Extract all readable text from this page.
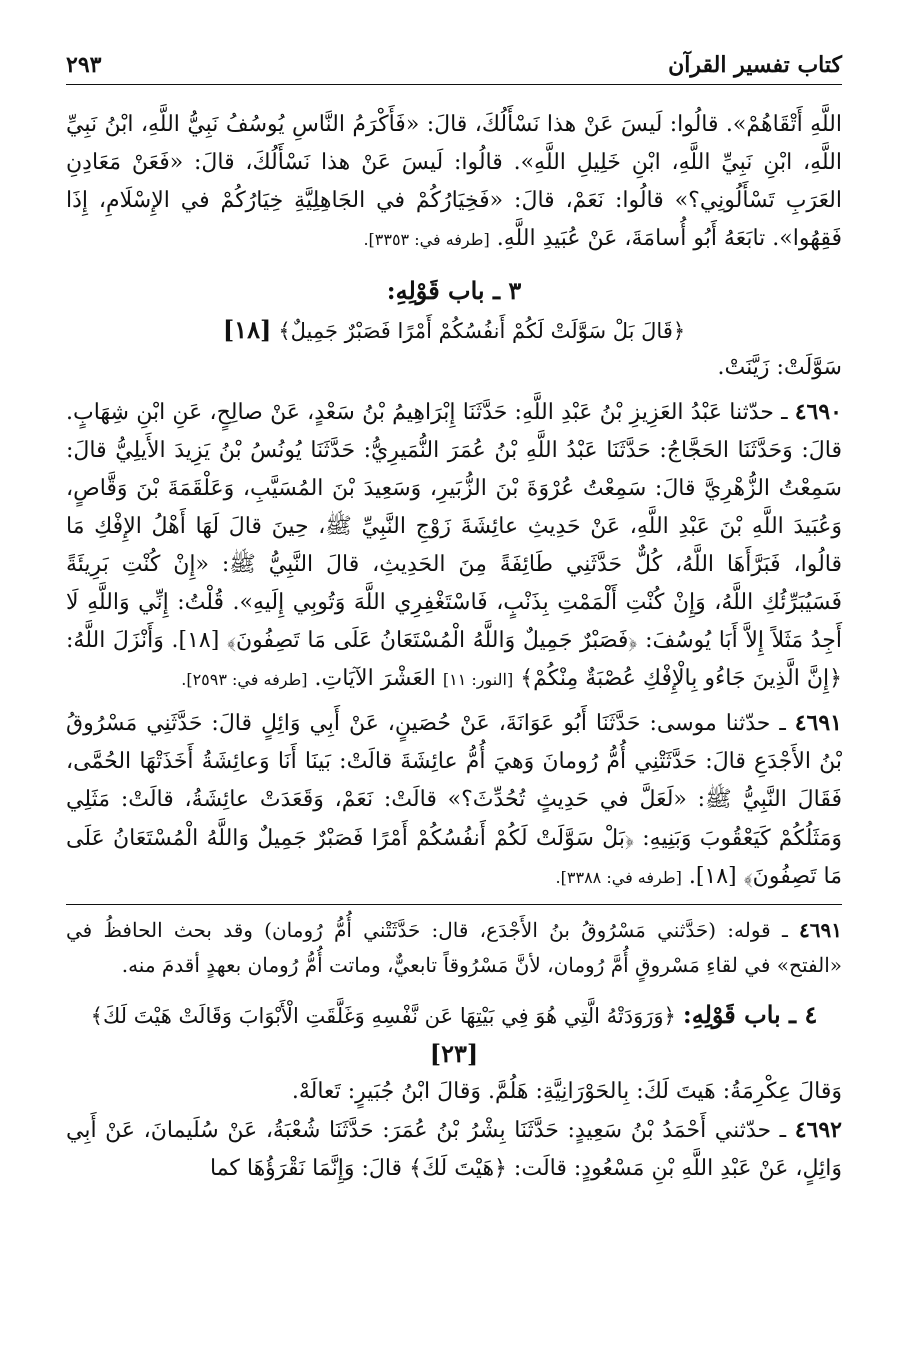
كتاب تفسير القرآن
٢٩٣

اللَّهِ أَتْقَاهُمْ». قالُوا: لَيسَ عَنْ هذا نَسْأَلُكَ، قالَ: «فَأَكْرَمُ النَّاسِ يُوسُفُ نَبِيُّ اللَّهِ، ابْنُ نَبِيِّ اللَّهِ، ابْنِ نَبِيِّ اللَّهِ، ابْنِ خَلِيلِ اللَّهِ». قالُوا: لَيسَ عَنْ هذا نَسْأَلُكَ، قالَ: «فَعَنْ مَعَادِنِ العَرَبِ تَسْأَلُونِي؟» قالُوا: نَعَمْ، قالَ: «فَخِيَارُكُمْ في الجَاهِلِيَّةِ خِيَارُكُمْ في الإِسْلَامِ، إِذَا فَقِهُوا». تابَعَهُ أَبُو أُسامَةَ، عَنْ عُبَيدِ اللَّهِ. [طرفه في: ٣٣٥٣].

٣ ـ باب قَوْلِهِ:
﴿قَالَ بَلْ سَوَّلَتْ لَكُمْ أَنفُسُكُمْ أَمْرًا فَصَبْرٌ جَمِيلٌ﴾ [١٨]

سَوَّلَتْ: زَيَّنَتْ.

٤٦٩٠ ـ حدّثنا عَبْدُ العَزِيزِ بْنُ عَبْدِ اللَّهِ: حَدَّثَنَا إِبْرَاهِيمُ بْنُ سَعْدٍ، عَنْ صالِحٍ، عَنِ ابْنِ شِهَابٍ. قالَ: وَحَدَّثَنَا الحَجَّاجُ: حَدَّثَنَا عَبْدُ اللَّهِ بْنُ عُمَرَ النُّمَيرِيُّ: حَدَّثَنَا يُونُسُ بْنُ يَزِيدَ الأَيلِيُّ قالَ: سَمِعْتُ الزُّهْرِيَّ قالَ: سَمِعْتُ عُرْوَةَ بْنَ الزُّبَيرِ، وَسَعِيدَ بْنَ المُسَيَّبِ، وَعَلْقَمَةَ بْنَ وَقَّاصٍ، وَعُبَيدَ اللَّهِ بْنَ عَبْدِ اللَّهِ، عَنْ حَدِيثِ عائِشَةَ زَوْجِ النَّبِيِّ ﷺ، حِينَ قالَ لَهَا أَهْلُ الإِفْكِ مَا قالُوا، فَبَرَّأَهَا اللَّهُ، كُلٌّ حَدَّثَنِي طَائِفَةً مِنَ الحَدِيثِ، قالَ النَّبِيُّ ﷺ: «إِنْ كُنْتِ بَرِيئَةً فَسَيُبَرِّئُكِ اللَّهُ، وَإِنْ كُنْتِ أَلْمَمْتِ بِذَنْبٍ، فَاسْتَغْفِرِي اللَّهَ وَتُوبِي إِلَيهِ». قُلْتُ: إِنِّي وَاللَّهِ لَا أَجِدُ مَثَلاً إِلاَّ أَبَا يُوسُفَ: ﴿فَصَبْرٌ جَمِيلٌ وَاللَّهُ الْمُسْتَعَانُ عَلَى مَا تَصِفُونَ﴾ [١٨]. وَأَنْزَلَ اللَّهُ: ﴿إِنَّ الَّذِينَ جَاءُو بِالْإِفْكِ عُصْبَةٌ مِنْكُمْ﴾ [النور: ١١] العَشْرَ الآيَاتِ. [طرفه في: ٢٥٩٣].

٤٦٩١ ـ حدّثنا موسى: حَدَّثَنَا أَبُو عَوَانَةَ، عَنْ حُصَينٍ، عَنْ أَبِي وَائِلٍ قالَ: حَدَّثَنِي مَسْرُوقُ بْنُ الأَجْدَعِ قالَ: حَدَّثَتْنِي أُمُّ رُومانَ وَهيَ أُمُّ عائِشَةَ قالَتْ: بَينَا أَنَا وَعائِشَةُ أَخَذَتْهَا الحُمَّى، فَقَالَ النَّبِيُّ ﷺ: «لَعَلَّ في حَدِيثٍ تُحُدِّثَ؟» قالَتْ: نَعَمْ، وَقَعَدَتْ عائِشَةُ، قالَتْ: مَثَلِي وَمَثَلُكُمْ كَيَعْقُوبَ وَبَنِيهِ: ﴿بَلْ سَوَّلَتْ لَكُمْ أَنفُسُكُمْ أَمْرًا فَصَبْرٌ جَمِيلٌ وَاللَّهُ الْمُسْتَعَانُ عَلَى مَا تَصِفُونَ﴾ [١٨]. [طرفه في: ٣٣٨٨].

٤٦٩١ ـ قوله: (حَدَّثني مَسْرُوقُ بنُ الأَجْدَع، قال: حَدَّثَتْني أُمُّ رُومان) وقد بحث الحافظُ في «الفتح» في لقاءِ مَسْروقٍ أُمَّ رُومان، لأنَّ مَسْرُوقاً تابعيٌّ، وماتت أُمُّ رُومان بعهدٍ أقدمَ منه.

٤ ـ باب قَوْلِهِ: ﴿وَرَوَدَتْهُ الَّتِي هُوَ فِي بَيْتِهَا عَن نَّفْسِهِ وَغَلَّقَتِ الْأَبْوَابَ وَقَالَتْ هَيْتَ لَكَ﴾ [٢٣]

وَقالَ عِكْرِمَةُ: هَيتَ لَكَ: بِالحَوْرَانِيَّةِ: هَلُمَّ. وَقالَ ابْنُ جُبَيرٍ: تَعالَهْ.

٤٦٩٢ ـ حدّثني أَحْمَدُ بْنُ سَعِيدٍ: حَدَّثَنَا بِشْرُ بْنُ عُمَرَ: حَدَّثَنَا شُعْبَةُ، عَنْ سُلَيمانَ، عَنْ أَبِي وَائِلٍ، عَنْ عَبْدِ اللَّهِ بْنِ مَسْعُودٍ: قالَت: ﴿هَيْتَ لَكَ﴾ قالَ: وَإِنَّمَا نَقْرَؤُهَا كما
